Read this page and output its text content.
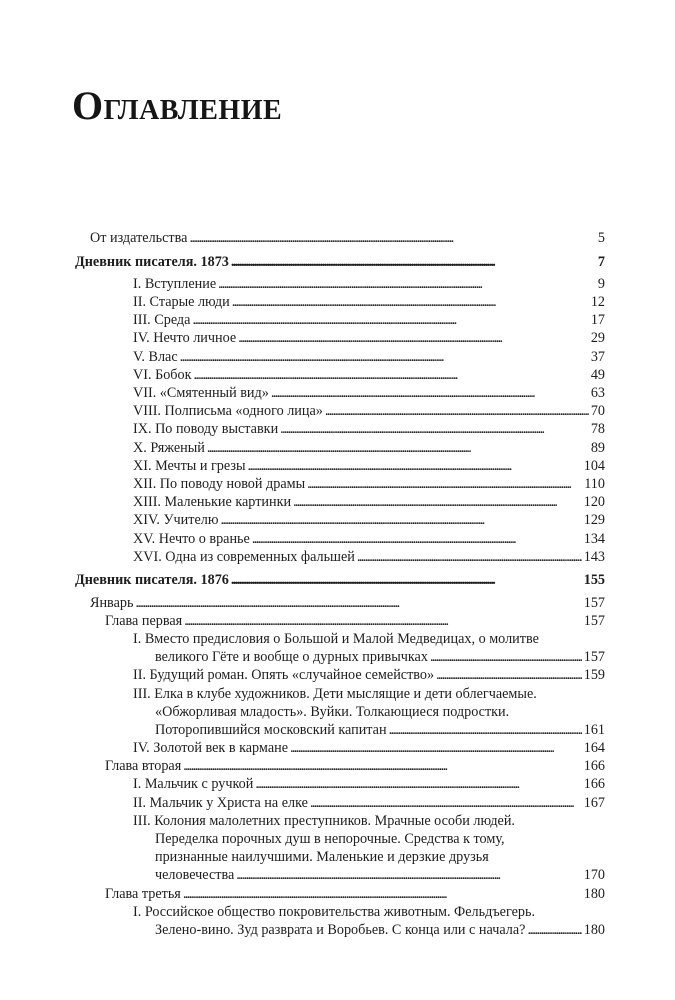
Оглавление
От издательства . . .	5
Дневник писателя. 1873 . . .	7
I. Вступление . . .	9
II. Старые люди . . .	12
III. Среда . . .	17
IV. Нечто личное . . .	29
V. Влас . . .	37
VI. Бобок . . .	49
VII. «Смятенный вид» . . .	63
VIII. Полписьма «одного лица» . . .	70
IX. По поводу выставки . . .	78
X. Ряженый . . .	89
XI. Мечты и грезы . . .	104
XII. По поводу новой драмы . . .	110
XIII. Маленькие картинки . . .	120
XIV. Учителю . . .	129
XV. Нечто о вранье . . .	134
XVI. Одна из современных фальшей . . .	143
Дневник писателя. 1876 . . .	155
Январь . . .	157
Глава первая . . .	157
I. Вместо предисловия о Большой и Малой Медведицах, о молитве
великого Гёте и вообще о дурных привычках . . .	157
II. Будущий роман. Опять «случайное семейство» . . .	159
III. Елка в клубе художников. Дети мыслящие и дети облегчаемые.
«Обжорливая младость». Вуйки. Толкающиеся подростки.
Поторопившийся московский капитан . . .	161
IV. Золотой век в кармане . . .	164
Глава вторая . . .	166
I. Мальчик с ручкой . . .	166
II. Мальчик у Христа на елке . . .	167
III. Колония малолетних преступников. Мрачные особи людей.
Переделка порочных душ в непорочные. Средства к тому,
признанные наилучшими. Маленькие и дерзкие друзья
человечества . . .	170
Глава третья . . .	180
I. Российское общество покровительства животным. Фельдъегерь.
Зелено-вино. Зуд разврата и Воробьев. С конца или с начала? . . .	180
